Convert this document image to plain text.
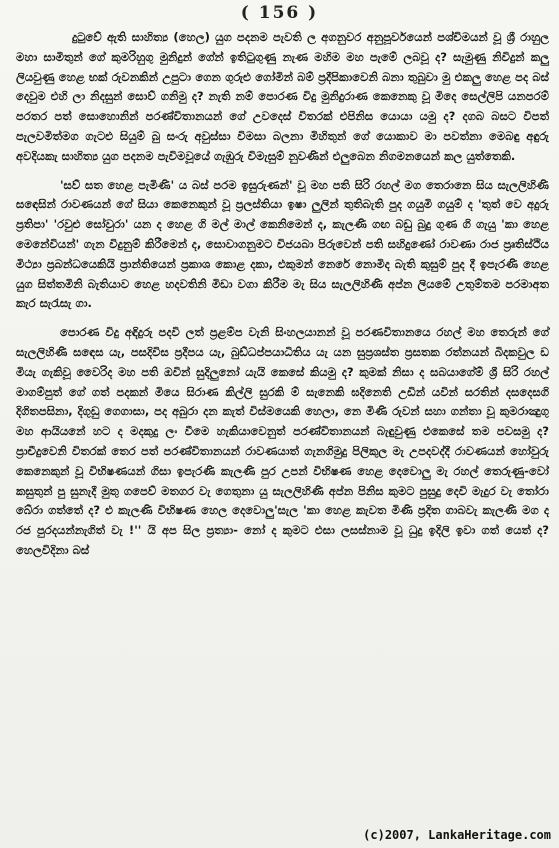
( 156 )

දුටුවේ ඇති සාහිත්‍ය (හෙල) යුග පදනම පැවති ල අගනුවර අනුපූර්වයෙන් පශ්චිමයන් වූ ශ්‍රී රාහුල මහා සාමිතුන් ගේ කුමරිහුගු මුනිදුන් ගේන් ඉතිටුගුණු නැණ මහිම මහ පැමේ ලබවූ ද? සැමුණු නිවිදුන් කලු ලියවුණු හෙළ භක් රුවනකින් උපුටා ගෙන ගුරුළු ගෝමින් බම් ප්‍රදීපිකාවෙනි බනා තුබුවා මු එකලු හෙළ පද බස් දෙවුම එහි ලා නිදසුන් සොව් ගනිමු ද? නැති නම් පොරණ විදු මුනිදුරාණ කෙනෙකු වූ මිදෙ සෙල්ලිපි යනපරම් පරතර පත් සොහොනින් පරණ්විතානයන් ගේ උවදෙස් විතරක් එපිනිස යොයා යමු ද? දගබ බසට විපත් පැලවමිත්මග ගැටළු සියුම් බු සංරු අවුස්සා විමසා බලනා මිහිතුන් ගේ යොකාව මා පවත්නා මෙබඳු අඳුරු අවදියකැ සාහිත්‍ය යුග පදනම පැවිමවූයේ ගැඹුරු විමැසුම් නුවණින් එලුබෙන නිගමනයෙන් කල යුත්තෙකි.

'සව් සත හෙළ පැමිණි' ය බස් පරම ඉසුරුණන්' වූ මහ පති සිරි රහල් මග තෙරානෙ සිය සැලලිහිණි සඳෙසින් රාවණයන් ගේ සියා කෙනෙකුන් වූ ප්‍රලස්තියා ඉෂා ලුලින් තුතිබැති පුද ගයුමි ගයුම් ද 'තුත් වෙ අදුරු ප්‍රතිපා' 'රවුළු සෝවුරා' යන ද හෙළ ගි මල් මාල් කෙනිමෙන් ද, කැලණි ගඟ බඩු බුදු ගුණ ගි ගැයු 'කා හෙළ මෙනේවියන්' ගැන විදුනුම් කිරීමෙන් ද, සොවාගනුමට විජයබා පිරුවෙන් පති සහිදුණෝ රාවණා රාජ ප්‍රෘතිස්ථිය මිථ්‍යා ප්‍රබන්ධයෙකියි ප්‍රාන්තියෙන් ප්‍රකාශ කොළ දකා, එකුමන් නෙරේ නොමිද බැති කුසුම් පුද දී ඉපැරණි හෙළ යුග සිත්තමිනි බැතියාව හෙළ හදවතිනි මිඩා වගා කිරීම මැ සිය සැලලිහිණි අප්න ලියමේ උතුම්තම පරමාඅත කැර සැරැසැ ගා.

පොරණ විදු අඳිදුරු පදවි ලත් ප්‍රළම්ප වැනි සිංහලයානන් වූ පරණවිතානයෙ රහල් මහ තෙරුන් ගේ සැලලිහිණි සඳෙස යැ, පසදිවිස ප්‍රදීපය යැ, බුඩ්ධප්පයාධිතිය යැ යන සුප්‍රශස්ත ප්‍රසතක රත්නයන් බිදකවුල ඩ මියැ ගැකිවූ වෛරිද මහ පති ඔවින් සුදිලුනෝ යැයි කෙසේ කියමු ද? කුමක් නිසා ද සබයාගේම් ශ්‍රී සිරි රහල් මාගම්පුත් ගේ ගත් පදකන් මියෙ සිරාණ කිල්ලි සුරකි ම් සැනෙකි ඝදිනෙති උඩින් යවින් සරතින් දසදෙසගි දිගිතපසිනා, දිගුඩු ගෙගාසා, පද අබුරා දන කැත් විස්මයෙකි හෙලා, නෙ මිණි රුවන් සහා ගන්තා වූ කුමරාඤුගු මහ ආයියනේ හට ද මදකුදු ලං වීමෙ හැකියාවෙනුත් පරණ්විතානයන් බැඳුවුණු එකෙසේ තම පවසමු ද? ප්‍රාචීදුවෙනි විතරක් තෙර පත් පරණ්විතානයන් රාවණයාත් ගැනගිමුදු පිලිකුල මැ උපදවද්දී රාවණයන් හෝවුරු කෙනෙකුන් වූ විභිෂණයන් ගිසා ඉපැරණි කැලණි පුර උපන් විභිෂණ හෙළ දෙවොලු මැ රහල් තෙරුණු-වෝ කසුතුන් පු සුනැදී මුතු ගපෙව් මතගර වැ ගෙතුනා යු සැලලිහිණි අප්න පිනිස කුමට පුසුදු දෙවි මැදුර වැ තෝරා බේරා ගත්තේ ද? එ කැලණි විභිෂණ හෙල දෙවොලු'සැල 'කා හෙළ කැවත මිණි ප්‍රදිත ගාබවැ කැලණි මග ද රජ පුරදයන්නැගිත් වැ !'' යි අප සිල ප්‍රත්‍යා- නෝ ද කුමට එසා ලසස්නාම වූ ධුදු ඉදිලි ඉවා ගත් යෙත් ද? හෙලවිදිනා බස්

(c)2007, LankaHeritage.com
